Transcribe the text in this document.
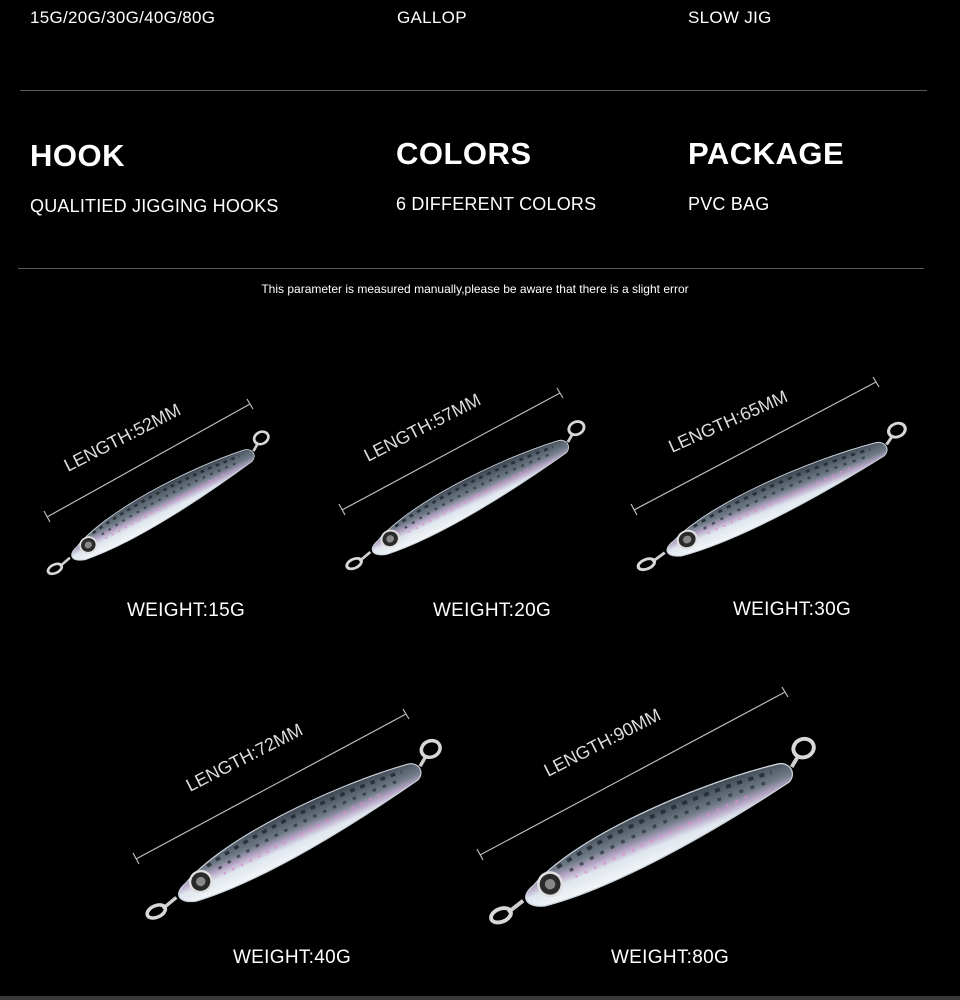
15G/20G/30G/40G/80G	GALLOP	SLOW JIG
HOOK
QUALITIED JIGGING HOOKS
COLORS
6 DIFFERENT COLORS
PACKAGE
PVC BAG
This parameter is measured manually,please be aware that there is a slight error
LENGTH:52MM	LENGTH:57MM	LENGTH:65MM
LENGTH:72MM	LENGTH:90MM
WEIGHT:15G	WEIGHT:20G	WEIGHT:30G
WEIGHT:40G	WEIGHT:80G
